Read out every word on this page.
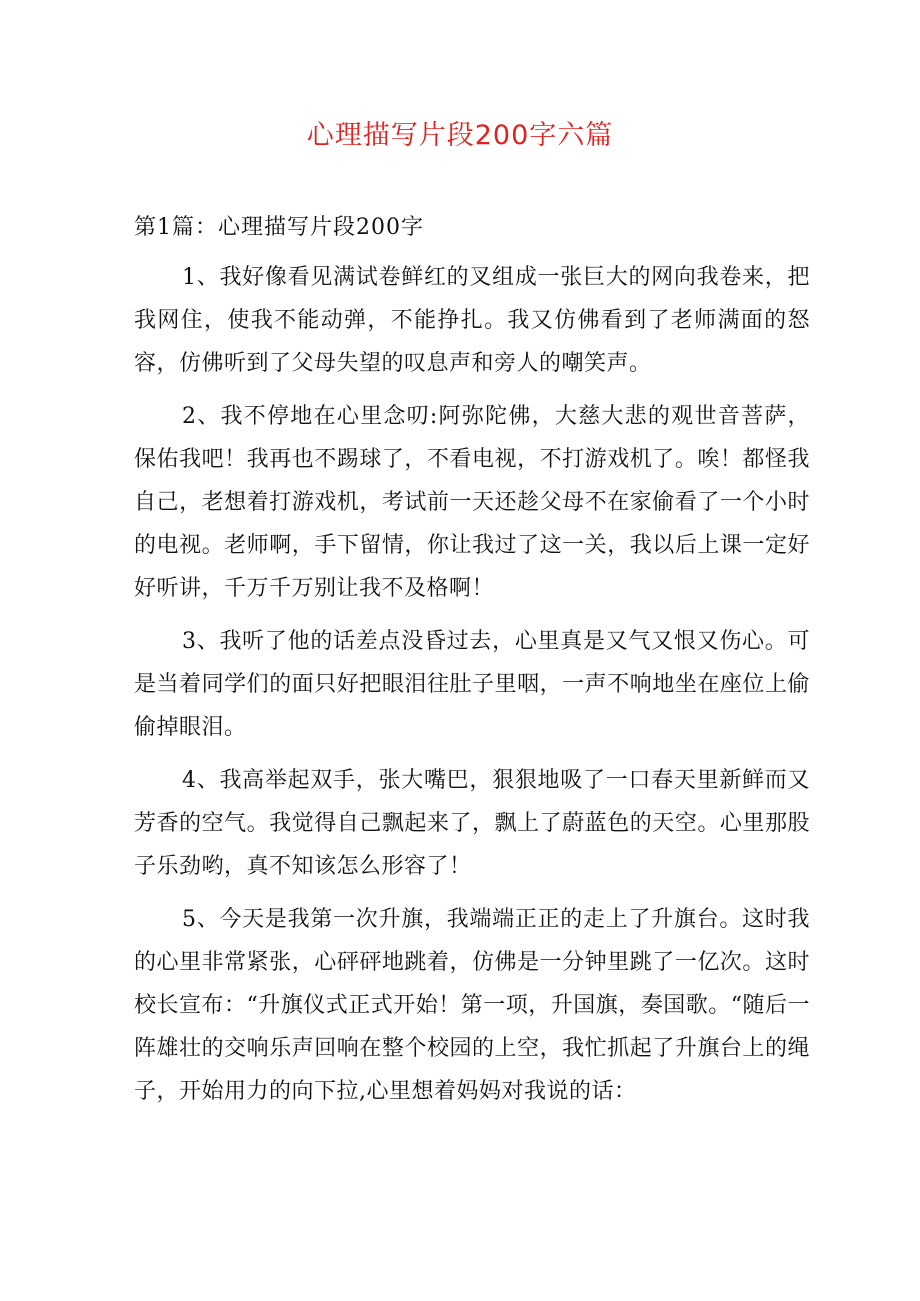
心理描写片段200字六篇
第1篇：心理描写片段200字

1、我好像看见满试卷鲜红的叉组成一张巨大的网向我卷来，把我网住，使我不能动弹，不能挣扎。我又仿佛看到了老师满面的怒容，仿佛听到了父母失望的叹息声和旁人的嘲笑声。

2、我不停地在心里念叨:阿弥陀佛，大慈大悲的观世音菩萨，保佑我吧！我再也不踢球了，不看电视，不打游戏机了。唉！都怪我自己，老想着打游戏机，考试前一天还趁父母不在家偷看了一个小时的电视。老师啊，手下留情，你让我过了这一关，我以后上课一定好好听讲，千万千万别让我不及格啊！

3、我听了他的话差点没昏过去，心里真是又气又恨又伤心。可是当着同学们的面只好把眼泪往肚子里咽，一声不响地坐在座位上偷偷掉眼泪。

4、我高举起双手，张大嘴巴，狠狠地吸了一口春天里新鲜而又芳香的空气。我觉得自己飘起来了，飘上了蔚蓝色的天空。心里那股子乐劲哟，真不知该怎么形容了！

5、今天是我第一次升旗，我端端正正的走上了升旗台。这时我的心里非常紧张，心砰砰地跳着，仿佛是一分钟里跳了一亿次。这时校长宣布：“升旗仪式正式开始！第一项，升国旗，奏国歌。“随后一阵雄壮的交响乐声回响在整个校园的上空，我忙抓起了升旗台上的绳子，开始用力的向下拉,心里想着妈妈对我说的话：
